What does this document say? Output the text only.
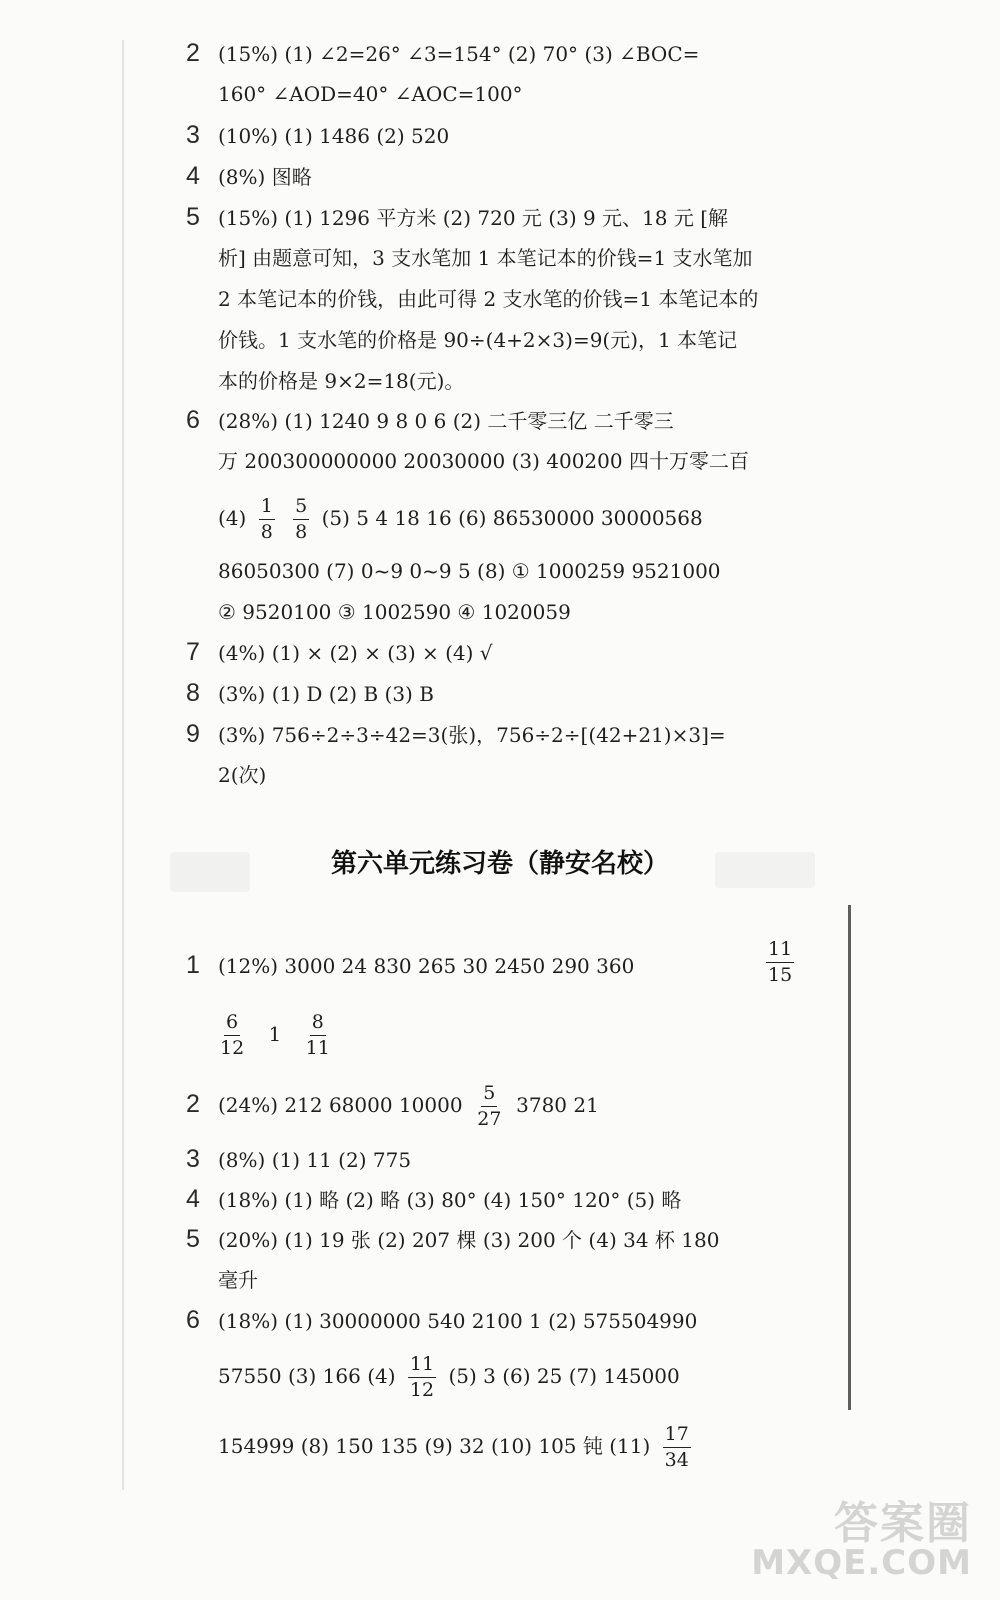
2 (15%) (1) ∠2=26° ∠3=154° (2) 70° (3) ∠BOC=
160° ∠AOD=40° ∠AOC=100°
3 (10%) (1) 1486 (2) 520
4 (8%) 图略
5 (15%) (1) 1296 平方米 (2) 720 元 (3) 9 元、18 元 [解
析] 由题意可知，3 支水笔加 1 本笔记本的价钱=1 支水笔加
2 本笔记本的价钱，由此可得 2 支水笔的价钱=1 本笔记本的
价钱。1 支水笔的价格是 90÷(4+2×3)=9(元)，1 本笔记
本的价格是 9×2=18(元)。
6 (28%) (1) 1240 9 8 0 6 (2) 二千零三亿 二千零三
万 200300000000 20030000 (3) 400200 四十万零二百
$(4) \frac{1}{8}$
$\frac{5}{8} (5)$ 5 4 18 16 (6) 86530000 30000568
86050300 (7) 0~9 0~9 5 (8) ① 1000259 9521000
② 9520100 ③ 1002590 ④ 1020059
7 (4%) (1) × (2) × (3) × (4) √
8 (3%) (1) D (2) B (3) B
9 (3%) 756÷2÷3÷42=3(张)，756÷2÷[(42+21)×3]=
2(次)
第六单元练习卷（静安名校）
1 (12%) 3000 24 830 265 30 2450 290 360	$\frac{11}{15}$
$\frac{6}{12} 1 \frac{8}{11}$
2 (24%) 212 68000 $10000 \frac{5}{27} 3780$ 21
3 (8%) (1) 11 (2) 775
4 (18%) (1) 略 (2) 略 (3) 80° (4) 150° 120° (5) 略
5 (20%) (1) 19 张 (2) 207 棵 (3) 200 个 (4) 34 杯 180
毫升
6 (18%) (1) 30000000 540 2100 1 (2) 575504990
57550 (3) 166 $(4) \frac{11}{12} (5)$ 3 (6) 25 (7) 145000
154999 (8) 150 135 (9) 32 (10) 105 钝 $(11) \frac{17}{34}$
答案圈
MXQE.COM
